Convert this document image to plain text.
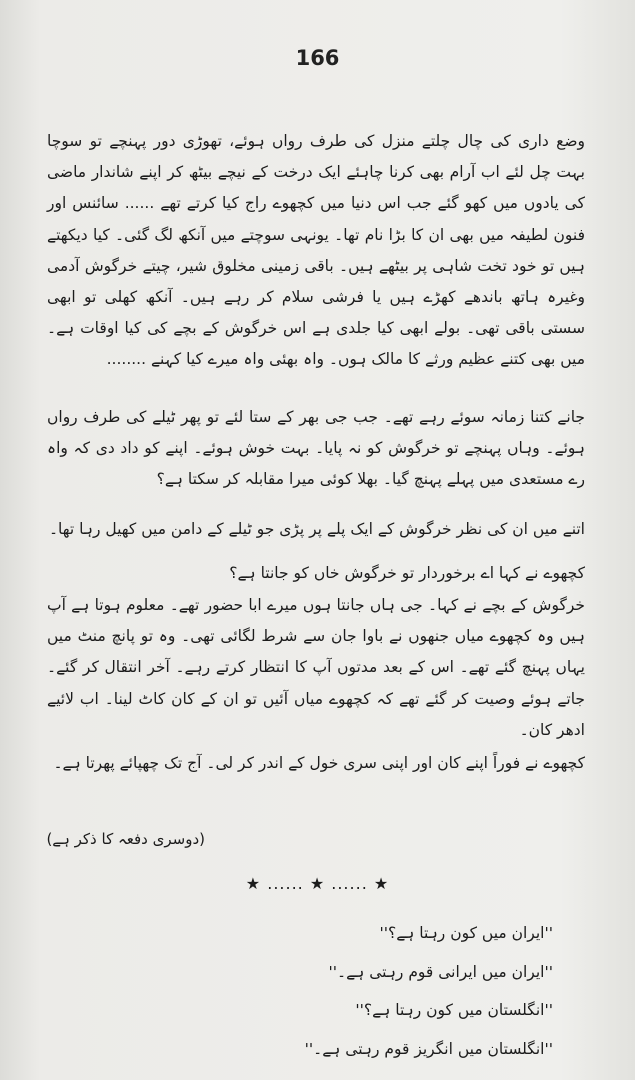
166

وضع داری کی چال چلتے منزل کی طرف رواں ہوئے، تھوڑی دور پہنچے تو سوچا بہت چل لئے اب آرام بھی کرنا چاہئے ایک درخت کے نیچے بیٹھ کر اپنے شاندار ماضی کی یادوں میں کھو گئے جب اس دنیا میں کچھوے راج کیا کرتے تھے ...... سائنس اور فنون لطیفہ میں بھی ان کا بڑا نام تھا۔ یونہی سوچتے میں آنکھ لگ گئی۔ کیا دیکھتے ہیں تو خود تخت شاہی پر بیٹھے ہیں۔ باقی زمینی مخلوق شیر، چیتے خرگوش آدمی وغیرہ ہاتھ باندھے کھڑے ہیں یا فرشی سلام کر رہے ہیں۔ آنکھ کھلی تو ابھی سستی باقی تھی۔ بولے ابھی کیا جلدی ہے اس خرگوش کے بچے کی کیا اوقات ہے۔ میں بھی کتنے عظیم ورثے کا مالک ہوں۔ واہ بھئی واہ میرے کیا کہنے ........

جانے کتنا زمانہ سوئے رہے تھے۔ جب جی بھر کے ستا لئے تو پھر ٹیلے کی طرف رواں ہوئے۔ وہاں پہنچے تو خرگوش کو نہ پایا۔ بہت خوش ہوئے۔ اپنے کو داد دی کہ واہ رے مستعدی میں پہلے پہنچ گیا۔ بھلا کوئی میرا مقابلہ کر سکتا ہے؟

اتنے میں ان کی نظر خرگوش کے ایک پلے پر پڑی جو ٹیلے کے دامن میں کھیل رہا تھا۔

کچھوے نے کہا اے برخوردار تو خرگوش خاں کو جانتا ہے؟

خرگوش کے بچے نے کہا۔ جی ہاں جانتا ہوں میرے ابا حضور تھے۔ معلوم ہوتا ہے آپ ہیں وہ کچھوے میاں جنھوں نے باوا جان سے شرط لگائی تھی۔ وہ تو پانچ منٹ میں یہاں پہنچ گئے تھے۔ اس کے بعد مدتوں آپ کا انتظار کرتے رہے۔ آخر انتقال کر گئے۔ جاتے ہوئے وصیت کر گئے تھے کہ کچھوے میاں آئیں تو ان کے کان کاٹ لینا۔ اب لائیے ادھر کان۔

کچھوے نے فوراً اپنے کان اور اپنی سری خول کے اندر کر لی۔ آج تک چھپائے پھرتا ہے۔

(دوسری دفعہ کا ذکر ہے)

★ ...... ★ ...... ★

''ایران میں کون رہتا ہے؟''
''ایران میں ایرانی قوم رہتی ہے۔''
''انگلستان میں کون رہتا ہے؟''
''انگلستان میں انگریز قوم رہتی ہے۔''
